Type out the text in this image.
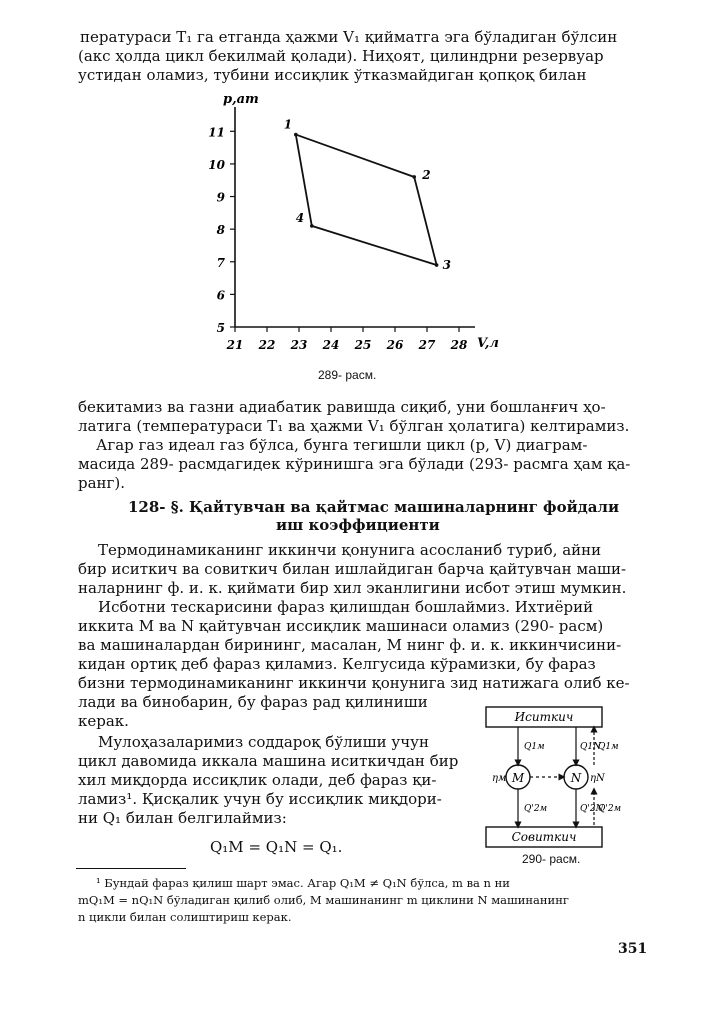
ператураси T₁ га етганда ҳажми V₁ қийматга эга бўладиган бўлсин

(акс ҳолда цикл бекилмай қолади). Ниҳоят, цилиндрни резервуар

устидан оламиз, тубини иссиқлик ўтказмайдиган қопқоқ билан

21 22 23 24 25 26 27 28
5
6
7
8
9
10
11
p,am
V,л
1
2
3
4
289- расм.

бекитамиз ва газни адиабатик равишда сиқиб, уни бошланғич ҳо-

латига (температураси T₁ ва ҳажми V₁ бўлган ҳолатига) келтирамиз.

Агар газ идеал газ бўлса, бунга тегишли цикл (p, V) диаграм-

масида 289- расмдагидек кўринишга эга бўлади (293- расмга ҳам қа-

ранг).

128- §. Қайтувчан ва қайтмас машиналарнинг фойдали

иш коэффициенти

Термодинамиканинг иккинчи қонунига асосланиб туриб, айни

бир иситкич ва совиткич билан ишлайдиган барча қайтувчан маши-

наларнинг ф. и. к. қиймати бир хил эканлигини исбот этиш мумкин.

Исботни тескарисини фараз қилишдан бошлаймиз. Ихтиёрий

иккита M ва N қайтувчан иссиқлик машинаси оламиз (290- расм)

ва машиналардан бирининг, масалан, M нинг ф. и. к. иккинчисини-

кидан ортиқ деб фараз қиламиз. Келгусида кўрамизки, бу фараз

бизни термодинамиканинг иккинчи қонунига зид натижага олиб ке-

лади ва бинобарин, бу фараз рад қилиниши

керак.

Мулоҳазаларимиз соддароқ бўлиши учун

цикл давомида иккала машина иситкичдан бир

хил миқдорда иссиқлик олади, деб фараз қи-

ламиз¹. Қисқалик учун бу иссиқлик миқдори-

ни Q₁ билан белгилаймиз:

Q₁M = Q₁N = Q₁.

Иситкич
Совиткич
M	N
Q1м	Q1N
Q1м
ηм	ηN
Q'2м	Q'2N
Q'2м
290- расм.

¹ Бундай фараз қилиш шарт эмас. Агар Q₁M ≠ Q₁N бўлса, m ва n ни

mQ₁M = nQ₁N бўладиган қилиб олиб, M машинанинг m циклини N машинанинг

n цикли билан солиштириш керак.

351
